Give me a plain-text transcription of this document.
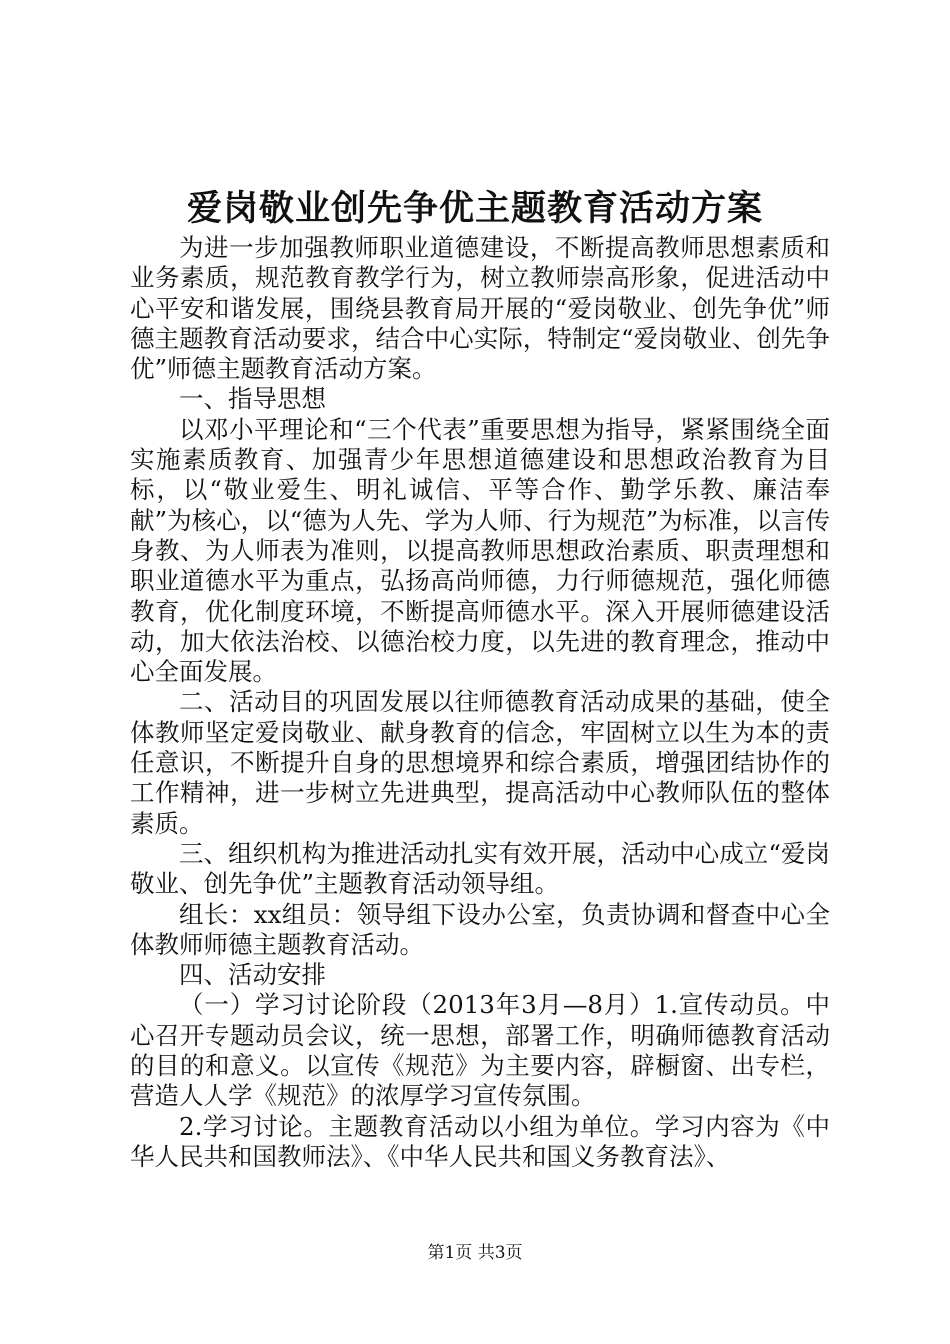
爱岗敬业创先争优主题教育活动方案

为进一步加强教师职业道德建设，不断提高教师思想素质和业务素质，规范教育教学行为，树立教师崇高形象，促进活动中心平安和谐发展，围绕县教育局开展的“爱岗敬业、创先争优”师德主题教育活动要求，结合中心实际，特制定“爱岗敬业、创先争优”师德主题教育活动方案。

一、指导思想

以邓小平理论和“三个代表”重要思想为指导，紧紧围绕全面实施素质教育、加强青少年思想道德建设和思想政治教育为目标，以“敬业爱生、明礼诚信、平等合作、勤学乐教、廉洁奉献”为核心，以“德为人先、学为人师、行为规范”为标准，以言传身教、为人师表为准则，以提高教师思想政治素质、职责理想和职业道德水平为重点，弘扬高尚师德，力行师德规范，强化师德教育，优化制度环境，不断提高师德水平。深入开展师德建设活动，加大依法治校、以德治校力度，以先进的教育理念，推动中心全面发展。

二、活动目的巩固发展以往师德教育活动成果的基础，使全体教师坚定爱岗敬业、献身教育的信念，牢固树立以生为本的责任意识，不断提升自身的思想境界和综合素质，增强团结协作的工作精神，进一步树立先进典型，提高活动中心教师队伍的整体素质。

三、组织机构为推进活动扎实有效开展，活动中心成立“爱岗敬业、创先争优”主题教育活动领导组。

组长：xx组员：领导组下设办公室，负责协调和督查中心全体教师师德主题教育活动。

四、活动安排

（一）学习讨论阶段（2013年3月—8月）1.宣传动员。中心召开专题动员会议，统一思想，部署工作，明确师德教育活动的目的和意义。以宣传《规范》为主要内容，辟橱窗、出专栏，营造人人学《规范》的浓厚学习宣传氛围。

2.学习讨论。主题教育活动以小组为单位。学习内容为《中华人民共和国教师法》、《中华人民共和国义务教育法》、

第1页 共3页
